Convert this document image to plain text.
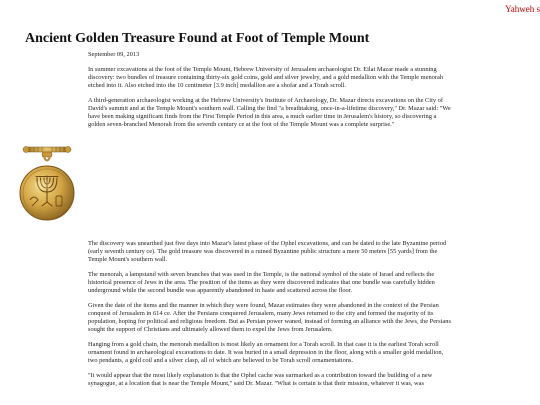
Yahweh s
Ancient Golden Treasure Found at Foot of Temple Mount
September 09, 2013

In summer excavations at the foot of the Temple Mount, Hebrew University of Jerusalem archaeologist Dr. Eilat Mazar made a stunning discovery: two bundles of treasure containing thirty-six gold coins, gold and silver jewelry, and a gold medallion with the Temple menorah etched into it. Also etched into the 10 centimeter [3.9 inch] medallion are a shofar and a Torah scroll.

A third-generation archaeologist working at the Hebrew University's Institute of Archaeology, Dr. Mazar directs excavations on the City of David's summit and at the Temple Mount's southern wall. Calling the find "a breathtaking, once-in-a-lifetime discovery," Dr. Mazar said: "We have been making significant finds from the First Temple Period in this area, a much earlier time in Jerusalem's history, so discovering a golden seven-branched Menorah from the seventh century ce at the foot of the Temple Mount was a complete surprise."

The discovery was unearthed just five days into Mazar's latest phase of the Ophel excavations, and can be dated to the late Byzantine period (early seventh century ce). The gold treasure was discovered in a ruined Byzantine public structure a mere 50 meters [55 yards] from the Temple Mount's southern wall.

The menorah, a lampstand with seven branches that was used in the Temple, is the national symbol of the state of Israel and reflects the historical presence of Jews in the area. The position of the items as they were discovered indicates that one bundle was carefully hidden underground while the second bundle was apparently abandoned in haste and scattered across the floor.

Given the date of the items and the manner in which they were found, Mazar estimates they were abandoned in the context of the Persian conquest of Jerusalem in 614 ce. After the Persians conquered Jerusalem, many Jews returned to the city and formed the majority of its population, hoping for political and religious freedom. But as Persian power waned, instead of forming an alliance with the Jews, the Persians sought the support of Christians and ultimately allowed them to expel the Jews from Jerusalem.

Hanging from a gold chain, the menorah medallion is most likely an ornament for a Torah scroll. In that case it is the earliest Torah scroll ornament found in archaeological excavations to date. It was buried in a small depression in the floor, along with a smaller gold medallion, two pendants, a gold coil and a silver clasp, all of which are believed to be Torah scroll ornamentations.

"It would appear that the most likely explanation is that the Ophel cache was earmarked as a contribution toward the building of a new synagogue, at a location that is near the Temple Mount," said Dr. Mazar. "What is certain is that their mission, whatever it was, was
